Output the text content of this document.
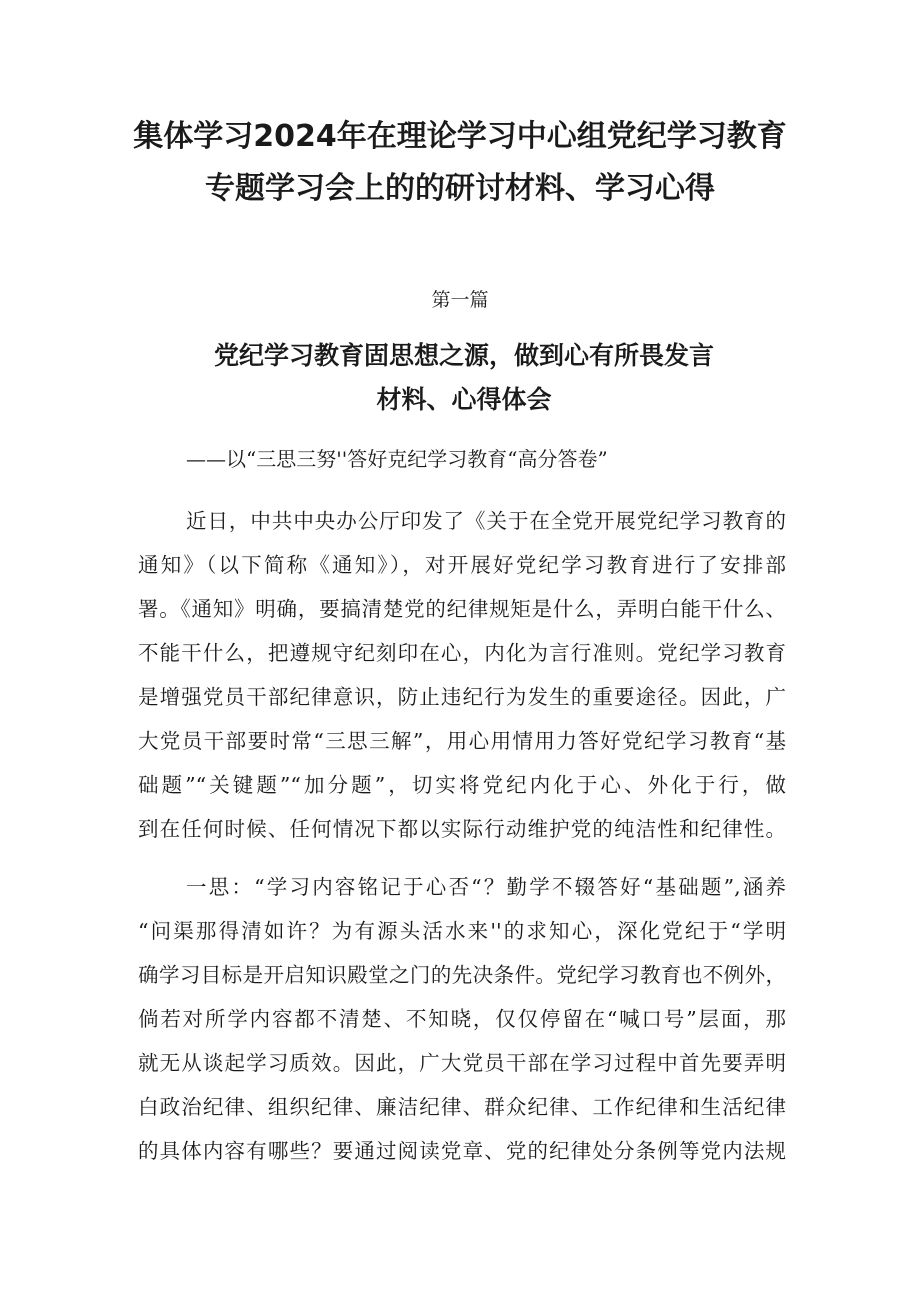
集体学习2024年在理论学习中心组党纪学习教育
专题学习会上的的研讨材料、学习心得

第一篇

党纪学习教育固思想之源，做到心有所畏发言
材料、心得体会

——以“三思三努''答好克纪学习教育“高分答卷”

近日，中共中央办公厅印发了《关于在全党开展党纪学习教育的

通知》（以下简称《通知》），对开展好党纪学习教育进行了安排部

署。《通知》明确，要搞清楚党的纪律规矩是什么，弄明白能干什么、

不能干什么，把遵规守纪刻印在心，内化为言行准则。党纪学习教育

是增强党员干部纪律意识，防止违纪行为发生的重要途径。因此，广

大党员干部要时常“三思三解”，用心用情用力答好党纪学习教育“基

础题”“关键题”“加分题”，切实将党纪内化于心、外化于行，做

到在任何时候、任何情况下都以实际行动维护党的纯洁性和纪律性。

一思：“学习内容铭记于心否“？勤学不辍答好“基础题”,涵养

“问渠那得清如许？为有源头活水来''的求知心，深化党纪于“学明

确学习目标是开启知识殿堂之门的先决条件。党纪学习教育也不例外，

倘若对所学内容都不清楚、不知晓，仅仅停留在“喊口号”层面，那

就无从谈起学习质效。因此，广大党员干部在学习过程中首先要弄明

白政治纪律、组织纪律、廉洁纪律、群众纪律、工作纪律和生活纪律

的具体内容有哪些？要通过阅读党章、党的纪律处分条例等党内法规
